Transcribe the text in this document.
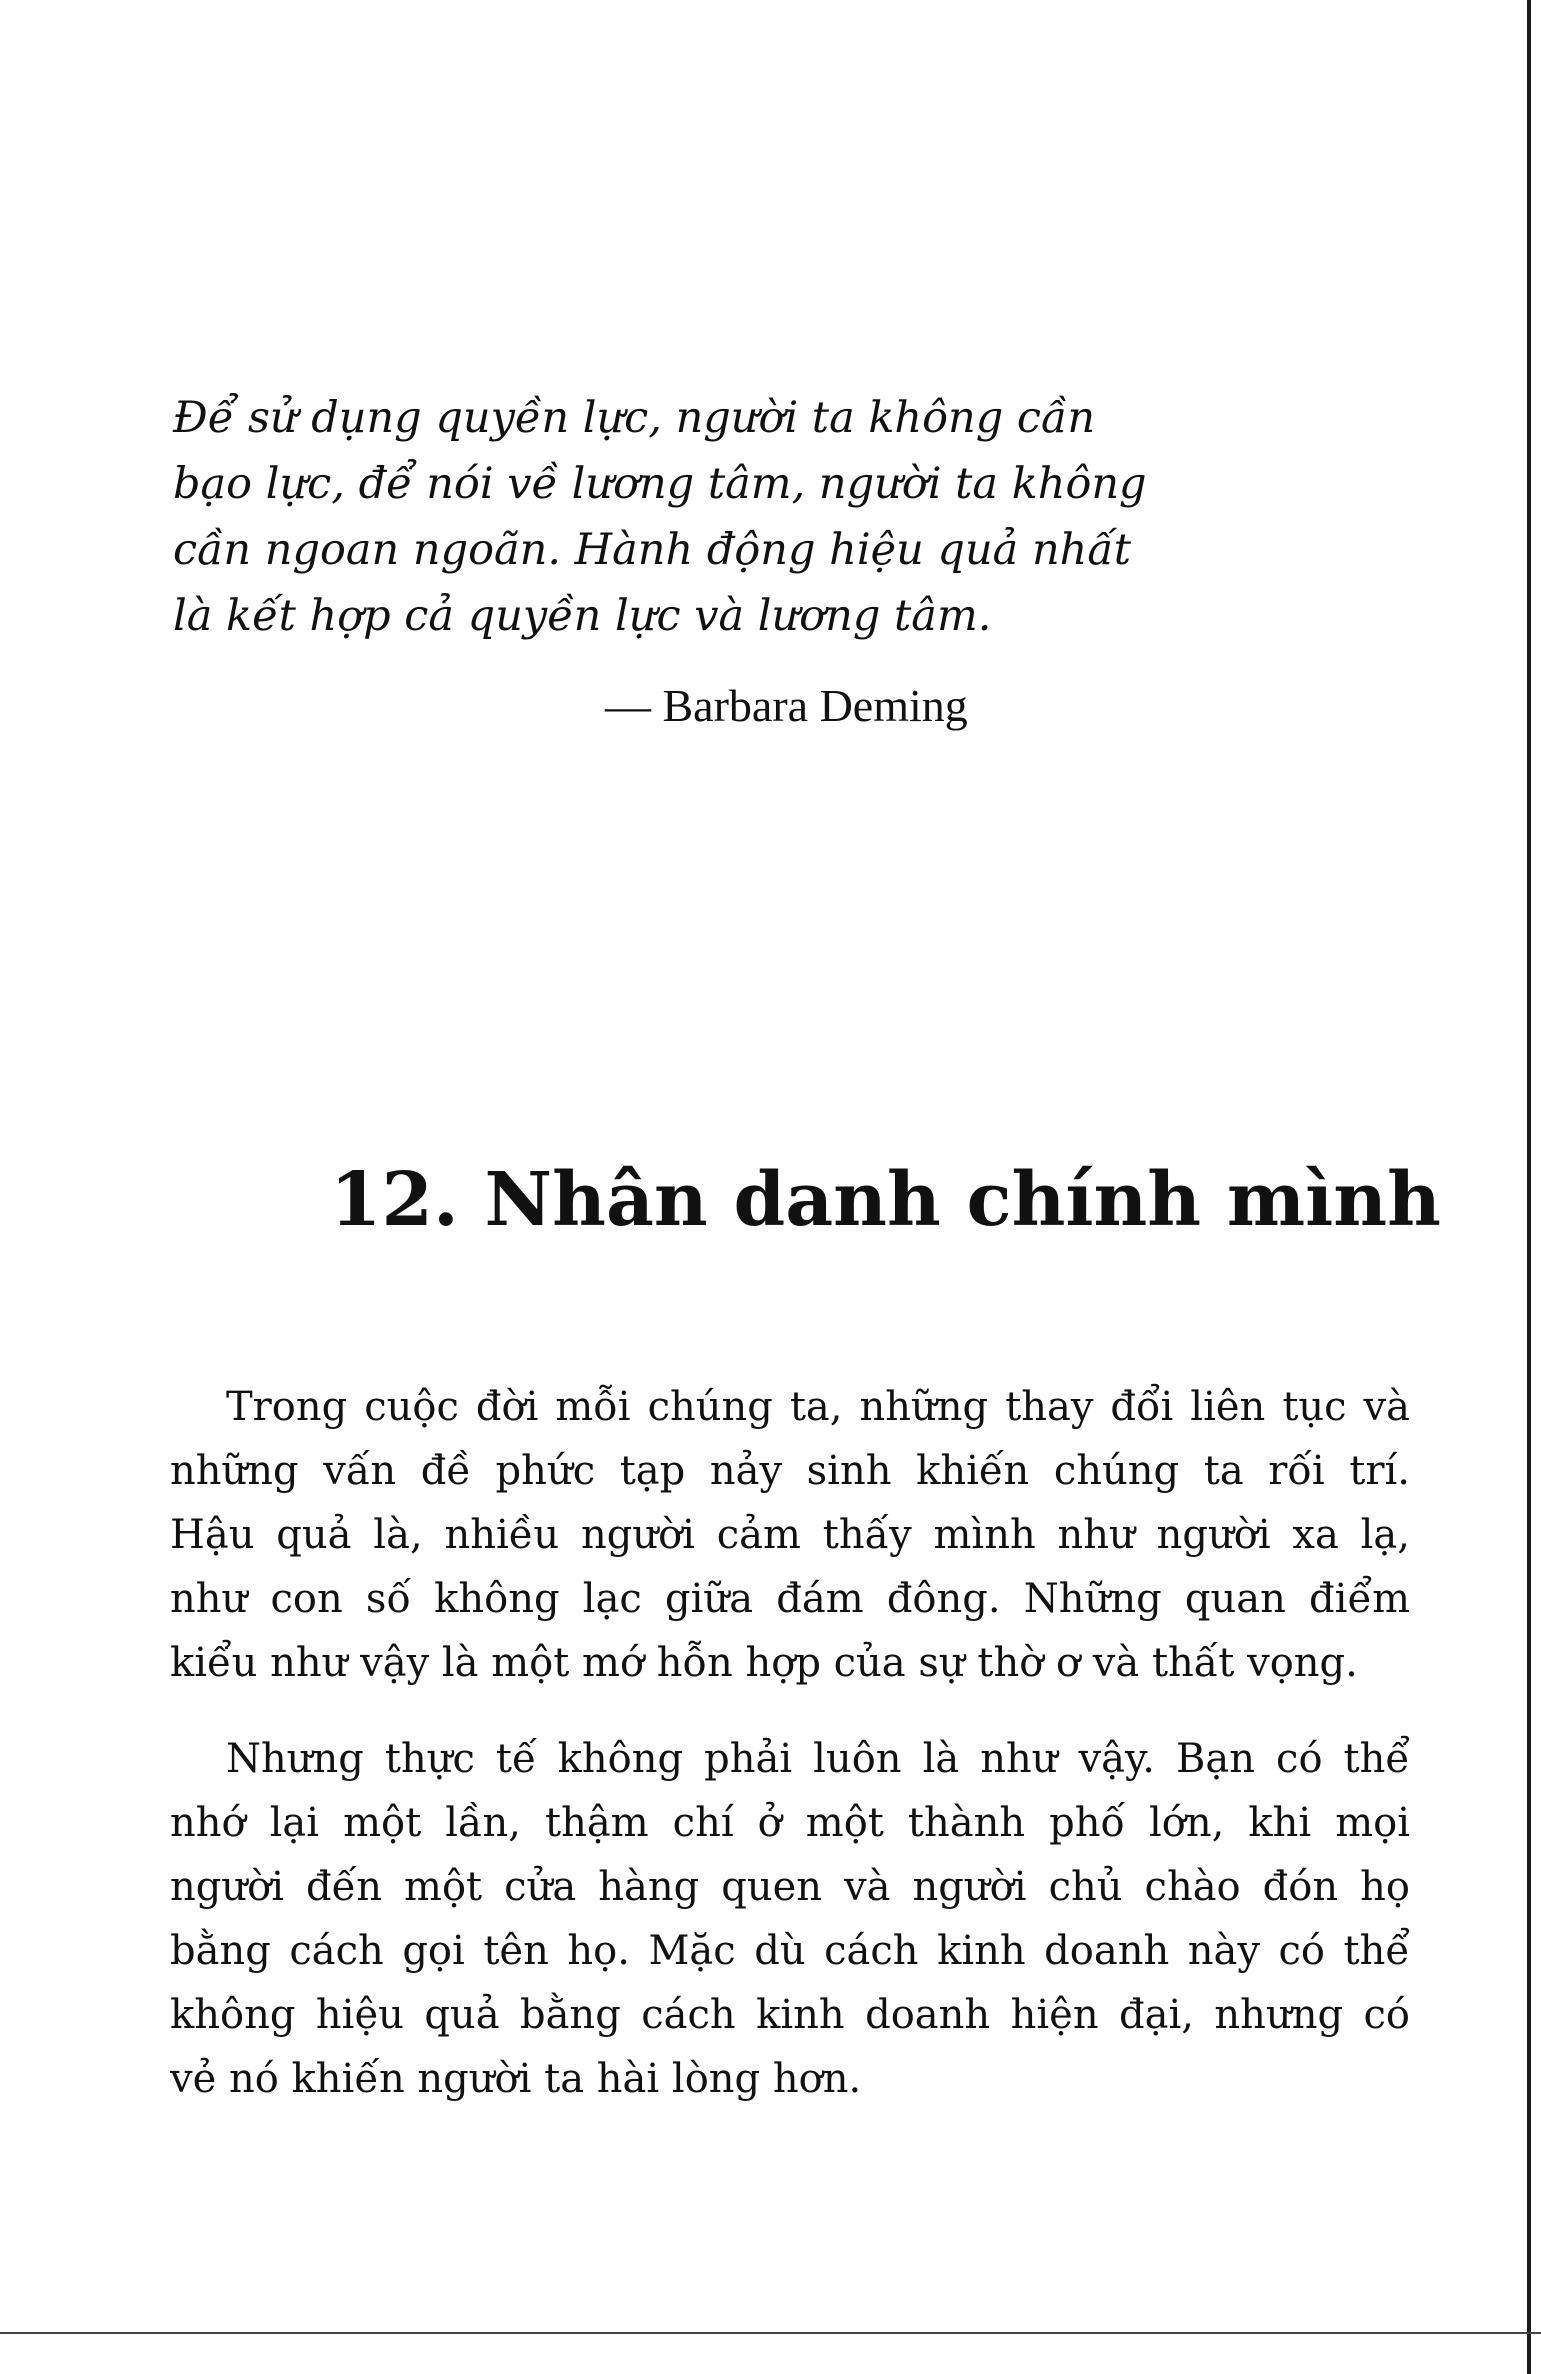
Để sử dụng quyền lực, người ta không cần
bạo lực, để nói về lương tâm, người ta không
cần ngoan ngoãn. Hành động hiệu quả nhất
là kết hợp cả quyền lực và lương tâm.
— Barbara Deming
12. Nhân danh chính mình
Trong cuộc đời mỗi chúng ta, những thay đổi liên tục và
những vấn đề phức tạp nảy sinh khiến chúng ta rối trí.
Hậu quả là, nhiều người cảm thấy mình như người xa lạ,
như con số không lạc giữa đám đông. Những quan điểm
kiểu như vậy là một mớ hỗn hợp của sự thờ ơ và thất vọng.
Nhưng thực tế không phải luôn là như vậy. Bạn có thể
nhớ lại một lần, thậm chí ở một thành phố lớn, khi mọi
người đến một cửa hàng quen và người chủ chào đón họ
bằng cách gọi tên họ. Mặc dù cách kinh doanh này có thể
không hiệu quả bằng cách kinh doanh hiện đại, nhưng có
vẻ nó khiến người ta hài lòng hơn.
